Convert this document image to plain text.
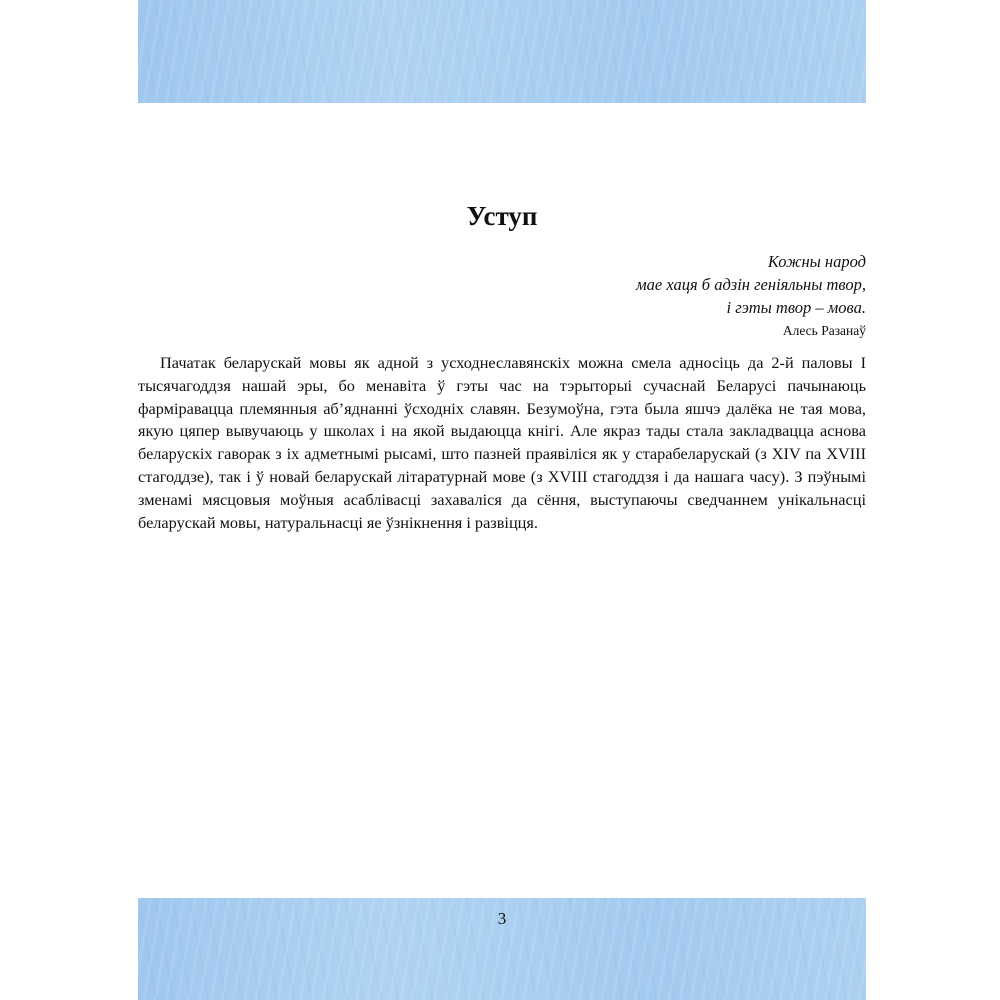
Уступ
Кожны народ
мае хаця б адзін геніяльны твор,
і гэты твор – мова.
Алесь Разанаў

Пачатак беларускай мовы як аднoй з усходнеславянскіх можна смела адносіць да 2-й паловы I тысячагоддзя нашай эры, бо менавіта ў гэты час на тэрыторыі сучаснай Беларусі пачынаюць фарміравацца племянныя аб’яднанні ўсходніх славян. Безумоўна, гэта была яшчэ далёка не тая мова, якую цяпер вывучаюць у школах і на якой выдаюцца кнігі. Але якраз тады стала закладвацца аснова беларускіх гаворак з іх адметнымі рысамі, што пазней праявіліся як у старабеларускай (з XIV па XVIII стагоддзе), так і ў новай беларускай літаратурнай мове (з XVIII стагоддзя і да нашага часу). З пэўнымі зменамі мясцовыя моўныя асаблівасці захаваліся да сёння, выступаючы сведчаннем унікальнасці беларускай мовы, натуральнасці яе ўзнікнення і развіцця.

3
